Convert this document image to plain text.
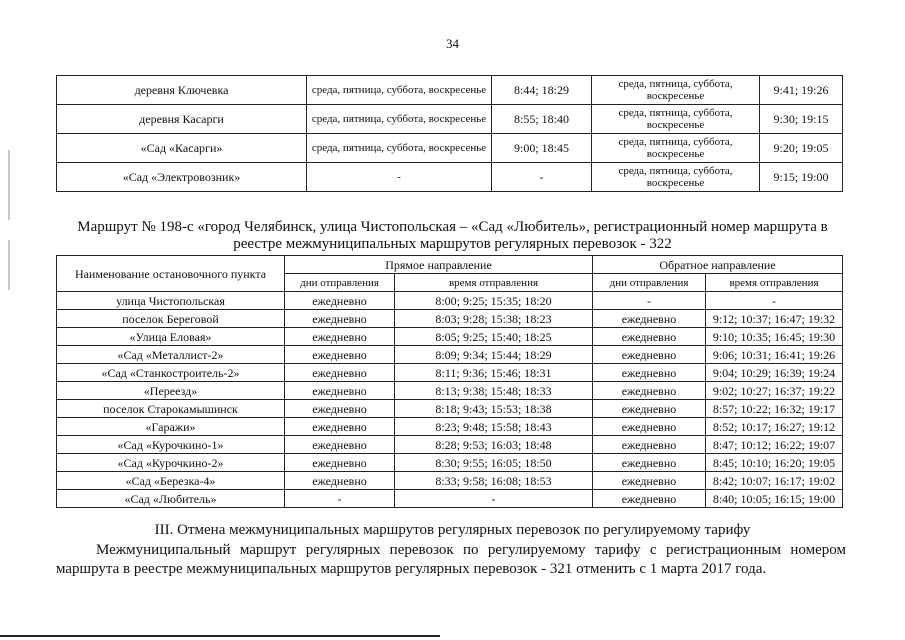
34
деревня Ключевка	среда, пятница, суббота, воскресенье	8:44; 18:29	среда, пятница, суббота, воскресенье	9:41; 19:26
деревня Касарги	среда, пятница, суббота, воскресенье	8:55; 18:40	среда, пятница, суббота, воскресенье	9:30; 19:15
«Сад «Касарги»	среда, пятница, суббота, воскресенье	9:00; 18:45	среда, пятница, суббота, воскресенье	9:20; 19:05
«Сад «Электровозник»	-	-	среда, пятница, суббота, воскресенье	9:15; 19:00
Маршрут № 198-с «город Челябинск, улица Чистопольская – «Сад «Любитель», регистрационный номер маршрута в реестре межмуниципальных маршрутов регулярных перевозок - 322
Наименование остановочного пункта	Прямое направление		Обратное направление	
	дни отправления	время отправления	дни отправления	время отправления
улица Чистопольская	ежедневно	8:00; 9:25; 15:35; 18:20	-	-
поселок Береговой	ежедневно	8:03; 9:28; 15:38; 18:23	ежедневно	9:12; 10:37; 16:47; 19:32
«Улица Еловая»	ежедневно	8:05; 9:25; 15:40; 18:25	ежедневно	9:10; 10:35; 16:45; 19:30
«Сад «Металлист-2»	ежедневно	8:09; 9:34; 15:44; 18:29	ежедневно	9:06; 10:31; 16:41; 19:26
«Сад «Станкостроитель-2»	ежедневно	8:11; 9:36; 15:46; 18:31	ежедневно	9:04; 10:29; 16:39; 19:24
«Переезд»	ежедневно	8:13; 9:38; 15:48; 18:33	ежедневно	9:02; 10:27; 16:37; 19:22
поселок Старокамышинск	ежедневно	8:18; 9:43; 15:53; 18:38	ежедневно	8:57; 10:22; 16:32; 19:17
«Гаражи»	ежедневно	8:23; 9:48; 15:58; 18:43	ежедневно	8:52; 10:17; 16:27; 19:12
«Сад «Курочкино-1»	ежедневно	8:28; 9:53; 16:03; 18:48	ежедневно	8:47; 10:12; 16:22; 19:07
«Сад «Курочкино-2»	ежедневно	8:30; 9:55; 16:05; 18:50	ежедневно	8:45; 10:10; 16:20; 19:05
«Сад «Березка-4»	ежедневно	8:33; 9:58; 16:08; 18:53	ежедневно	8:42; 10:07; 16:17; 19:02
«Сад «Любитель»	-	-	ежедневно	8:40; 10:05; 16:15; 19:00
III. Отмена межмуниципальных маршрутов регулярных перевозок по регулируемому тарифу
Межмуниципальный маршрут регулярных перевозок по регулируемому тарифу с регистрационным номером маршрута в реестре межмуниципальных маршрутов регулярных перевозок - 321 отменить с 1 марта 2017 года.
